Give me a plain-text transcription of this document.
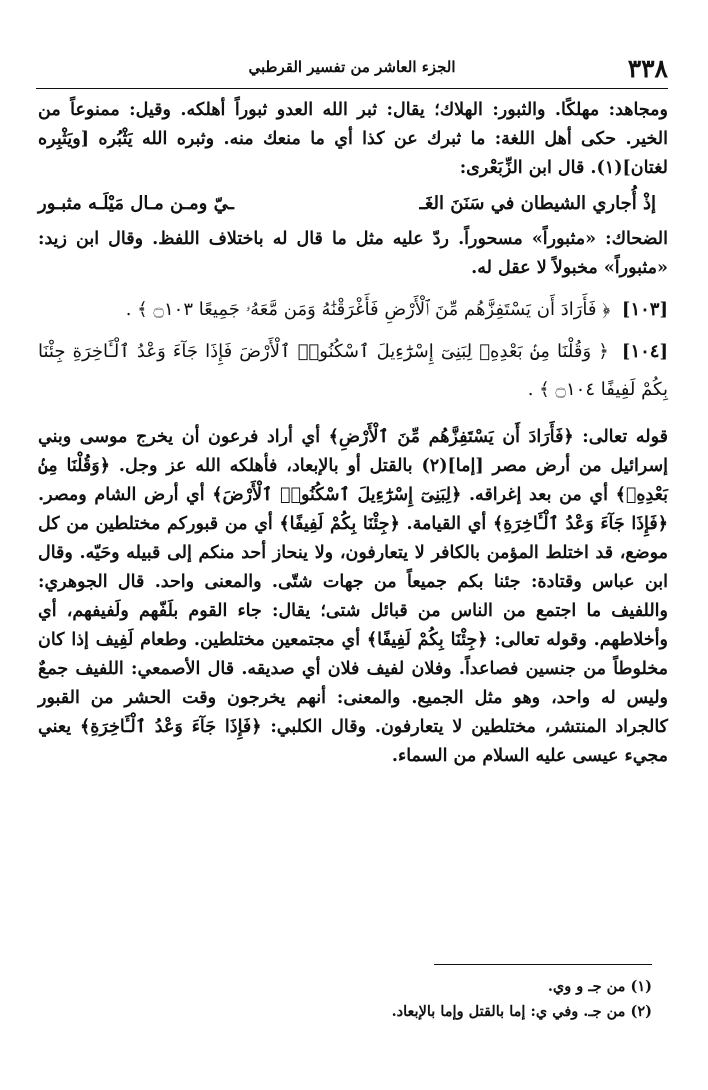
٣٣٨
الجزء العاشر من تفسير القرطبي

ومجاهد: مهلكًا. والثبور: الهلاك؛ يقال: ثبر الله العدو ثبوراً أهلكه. وقيل: ممنوعاً من الخير. حكى أهل اللغة: ما ثبرك عن كذا أي ما منعك منه. وثبره الله يَثْبُره [ويَثْبِره لغتان](١). قال ابن الزِّبَعْرى:

إذْ أُجاري الشيطان في سَنَنَ الغَـ
ـيّ ومـن مـال مَيْلَـه مثبـور

الضحاك: «مثبوراً» مسحوراً. ردّ عليه مثل ما قال له باختلاف اللفظ. وقال ابن زيد: «مثبوراً» مخبولاً لا عقل له.

[١٠٣] ﴿ فَأَرَادَ أَن يَسْتَفِزَّهُم مِّنَ ٱلْأَرْضِ فَأَغْرَقْنَٰهُ وَمَن مَّعَهُۥ جَمِيعًا ۝١٠٣ ﴾ .

[١٠٤] ﴿ وَقُلْنَا مِنۢ بَعْدِهِۦ لِبَنِىٓ إِسْرَٰٓءِيلَ ٱسْكُنُوا۟ ٱلْأَرْضَ فَإِذَا جَآءَ وَعْدُ ٱلْـَٔاخِرَةِ جِئْنَا بِكُمْ لَفِيفًا ۝١٠٤ ﴾ .

قوله تعالى: ﴿فَأَرَادَ أَن يَسْتَفِزَّهُم مِّنَ ٱلْأَرْضِ﴾ أي أراد فرعون أن يخرج موسى وبني إسرائيل من أرض مصر [إما](٢) بالقتل أو بالإبعاد، فأهلكه الله عز وجل. ﴿وَقُلْنَا مِنۢ بَعْدِهِۦ﴾ أي من بعد إغراقه. ﴿لِبَنِىٓ إِسْرَٰٓءِيلَ ٱسْكُنُوا۟ ٱلْأَرْضَ﴾ أي أرض الشام ومصر. ﴿فَإِذَا جَآءَ وَعْدُ ٱلْـَٔاخِرَةِ﴾ أي القيامة. ﴿جِئْنَا بِكُمْ لَفِيفًا﴾ أي من قبوركم مختلطين من كل موضع، قد اختلط المؤمن بالكافر لا يتعارفون، ولا ينحاز أحد منكم إلى قبيله وحَيّه. وقال ابن عباس وقتادة: جئنا بكم جميعاً من جهات شتّى. والمعنى واحد. قال الجوهري: واللفيف ما اجتمع من الناس من قبائل شتى؛ يقال: جاء القوم بلَفّهم ولَفيفهم، أي وأخلاطهم. وقوله تعالى: ﴿جِئْنَا بِكُمْ لَفِيفًا﴾ أي مجتمعين مختلطين. وطعام لَفِيف إذا كان مخلوطاً من جنسين فصاعداً. وفلان لفيف فلان أي صديقه. قال الأصمعي: اللفيف جمعٌ وليس له واحد، وهو مثل الجميع. والمعنى: أنهم يخرجون وقت الحشر من القبور كالجراد المنتشر، مختلطين لا يتعارفون. وقال الكلبي: ﴿فَإِذَا جَآءَ وَعْدُ ٱلْـَٔاخِرَةِ﴾ يعني مجيء عيسى عليه السلام من السماء.

(١) من جـ و وي.

(٢) من جـ. وفي ي: إما بالقتل وإما بالإبعاد.
